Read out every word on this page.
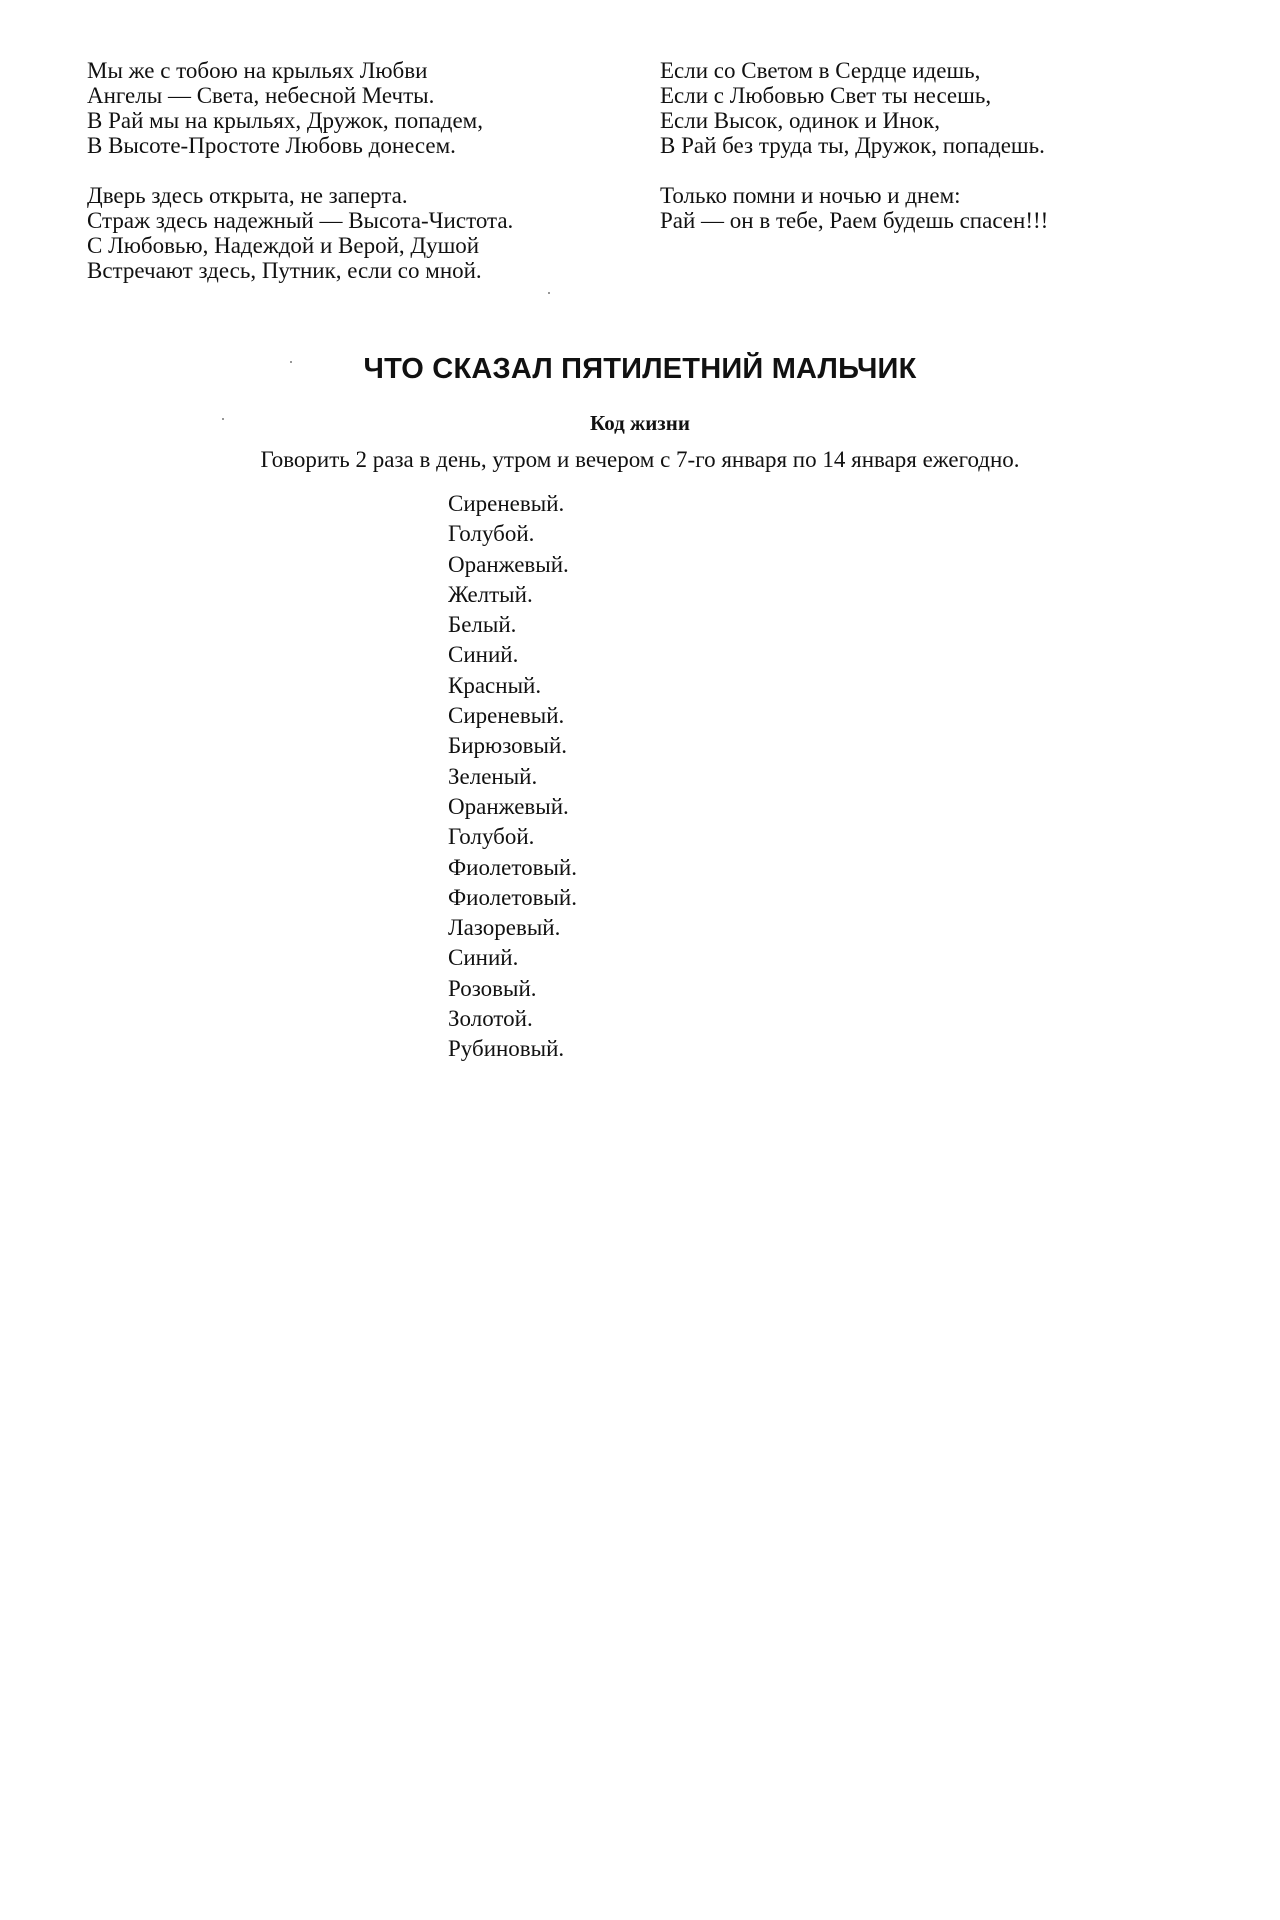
Мы же с тобою на крыльях Любви
Ангелы — Света, небесной Мечты.
В Рай мы на крыльях, Дружок, попадем,
В Высоте-Простоте Любовь донесем.
Дверь здесь открыта, не заперта.
Страж здесь надежный — Высота-Чистота.
С Любовью, Надеждой и Верой, Душой
Встречают здесь, Путник, если со мной.
Если со Светом в Сердце идешь,
Если с Любовью Свет ты несешь,
Если Высок, одинок и Инок,
В Рай без труда ты, Дружок, попадешь.
Только помни и ночью и днем:
Рай — он в тебе, Раем будешь спасен!!!
ЧТО СКАЗАЛ ПЯТИЛЕТНИЙ МАЛЬЧИК
Код жизни
Говорить 2 раза в день, утром и вечером с 7-го января по 14 января ежегодно.
Сиреневый.
Голубой.
Оранжевый.
Желтый.
Белый.
Синий.
Красный.
Сиреневый.
Бирюзовый.
Зеленый.
Оранжевый.
Голубой.
Фиолетовый.
Фиолетовый.
Лазоревый.
Синий.
Розовый.
Золотой.
Рубиновый.
